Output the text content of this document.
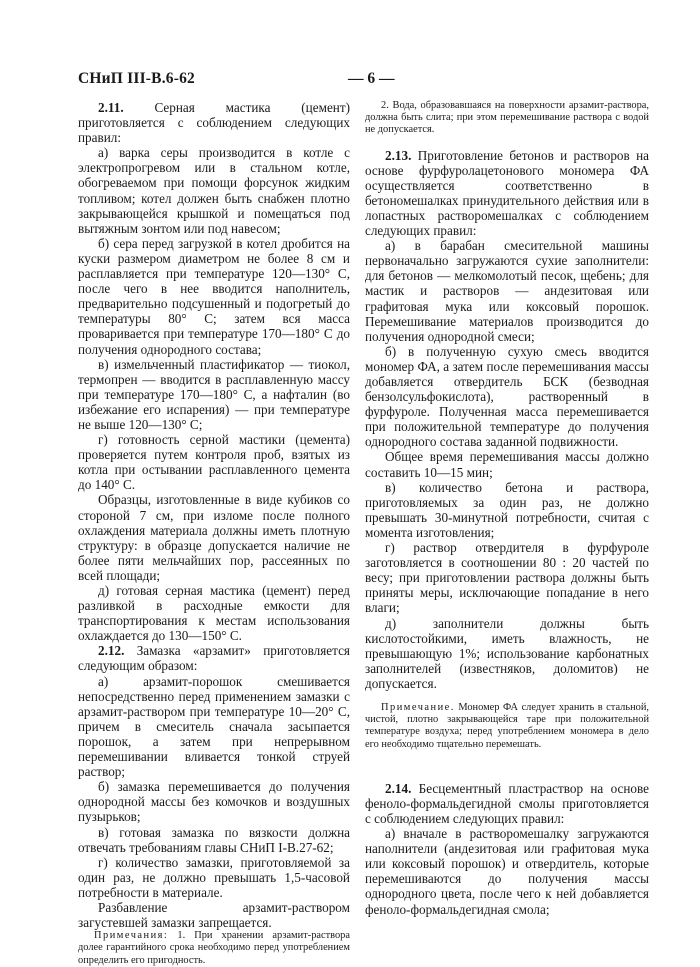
СНиП III-В.6-62	— 6 —

2.11. Серная мастика (цемент) приготовляется с соблюдением следующих правил:

а) варка серы производится в котле с электропрогревом или в стальном котле, обогреваемом при помощи форсунок жидким топливом; котел должен быть снабжен плотно закрывающейся крышкой и помещаться под вытяжным зонтом или под навесом;

б) сера перед загрузкой в котел дробится на куски размером диаметром не более 8 см и расплавляется при температуре 120—130° С, после чего в нее вводится наполнитель, предварительно подсушенный и подогретый до температуры 80° С; затем вся масса проваривается при температуре 170—180° С до получения однородного состава;

в) измельченный пластификатор — тиокол, термопрен — вводится в расплавленную массу при температуре 170—180° С, а нафталин (во избежание его испарения) — при температуре не выше 120—130° С;

г) готовность серной мастики (цемента) проверяется путем контроля проб, взятых из котла при остывании расплавленного цемента до 140° С.

Образцы, изготовленные в виде кубиков со стороной 7 см, при изломе после полного охлаждения материала должны иметь плотную структуру: в образце допускается наличие не более пяти мельчайших пор, рассеянных по всей площади;

д) готовая серная мастика (цемент) перед разливкой в расходные емкости для транспортирования к местам использования охлаждается до 130—150° С.

2.12. Замазка «арзамит» приготовляется следующим образом:

а) арзамит-порошок смешивается непосредственно перед применением замазки с арзамит-раствором при температуре 10—20° С, причем в смеситель сначала засыпается порошок, а затем при непрерывном перемешивании вливается тонкой струей раствор;

б) замазка перемешивается до получения однородной массы без комочков и воздушных пузырьков;

в) готовая замазка по вязкости должна отвечать требованиям главы СНиП I-В.27-62;

г) количество замазки, приготовляемой за один раз, не должно превышать 1,5-часовой потребности в материале.

Разбавление арзамит-раствором загустевшей замазки запрещается.

Примечания: 1. При хранении арзамит-раствора долее гарантийного срока необходимо перед употреблением определить его пригодность.

2. Вода, образовавшаяся на поверхности арзамит-раствора, должна быть слита; при этом перемешивание раствора с водой не допускается.

2.13. Приготовление бетонов и растворов на основе фурфуролацетонового мономера ФА осуществляется соответственно в бетономешалках принудительного действия или в лопастных растворомешалках с соблюдением следующих правил:

а) в барабан смесительной машины первоначально загружаются сухие заполнители: для бетонов — мелкомолотый песок, щебень; для мастик и растворов — андезитовая или графитовая мука или коксовый порошок. Перемешивание материалов производится до получения однородной смеси;

б) в полученную сухую смесь вводится мономер ФА, а затем после перемешивания массы добавляется отвердитель БСК (безводная бензолсульфокислота), растворенный в фурфуроле. Полученная масса перемешивается при положительной температуре до получения однородного состава заданной подвижности.

Общее время перемешивания массы должно составить 10—15 мин;

в) количество бетона и раствора, приготовляемых за один раз, не должно превышать 30-минутной потребности, считая с момента изготовления;

г) раствор отвердителя в фурфуроле заготовляется в соотношении 80 : 20 частей по весу; при приготовлении раствора должны быть приняты меры, исключающие попадание в него влаги;

д) заполнители должны быть кислотостойкими, иметь влажность, не превышающую 1%; использование карбонатных заполнителей (известняков, доломитов) не допускается.

Примечание. Мономер ФА следует хранить в стальной, чистой, плотно закрывающейся таре при положительной температуре воздуха; перед употреблением мономера в дело его необходимо тщательно перемешать.

2.14. Бесцементный пластраствор на основе феноло-формальдегидной смолы приготовляется с соблюдением следующих правил:

а) вначале в растворомешалку загружаются наполнители (андезитовая или графитовая мука или коксовый порошок) и отвердитель, которые перемешиваются до получения массы однородного цвета, после чего к ней добавляется феноло-формальдегидная смола;
